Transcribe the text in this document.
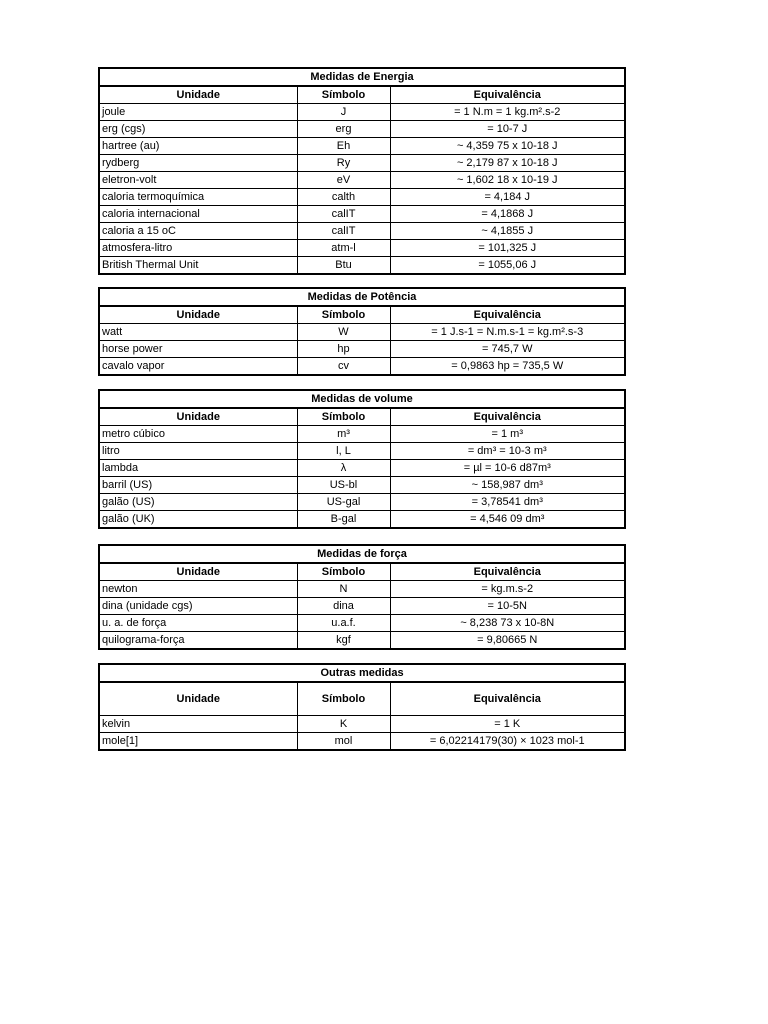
Medidas de Energia		
Unidade	Símbolo	Equivalência
joule	J	= 1 N.m = 1 kg.m².s-2
erg (cgs)	erg	= 10-7 J
hartree (au)	Eh	~ 4,359 75 x 10-18 J
rydberg	Ry	~ 2,179 87 x 10-18 J
eletron-volt	eV	~ 1,602 18 x 10-19 J
caloria termoquímica	calth	= 4,184 J
caloria internacional	calIT	= 4,1868 J
caloria a 15 oC	calIT	~ 4,1855 J
atmosfera-litro	atm-l	= 101,325 J
British Thermal Unit	Btu	= 1055,06 J
Medidas de Potência		
Unidade	Símbolo	Equivalência
watt	W	= 1 J.s-1 = N.m.s-1 = kg.m².s-3
horse power	hp	= 745,7 W
cavalo vapor	cv	= 0,9863 hp = 735,5 W
Medidas de volume		
Unidade	Símbolo	Equivalência
metro cúbico	m³	= 1 m³
litro	l, L	= dm³ = 10-3 m³
lambda	λ	= µl = 10-6 d87m³
barril (US)	US-bl	~ 158,987 dm³
galão (US)	US-gal	= 3,78541 dm³
galão (UK)	B-gal	= 4,546 09 dm³
Medidas de força		
Unidade	Símbolo	Equivalência
newton	N	= kg.m.s-2
dina (unidade cgs)	dina	= 10-5N
u. a. de força	u.a.f.	~ 8,238 73 x 10-8N
quilograma-força	kgf	= 9,80665 N
Outras medidas		
Unidade	Símbolo	Equivalência
kelvin	K	= 1 K
mole[1]	mol	= 6,02214179(30) × 1023 mol-1
